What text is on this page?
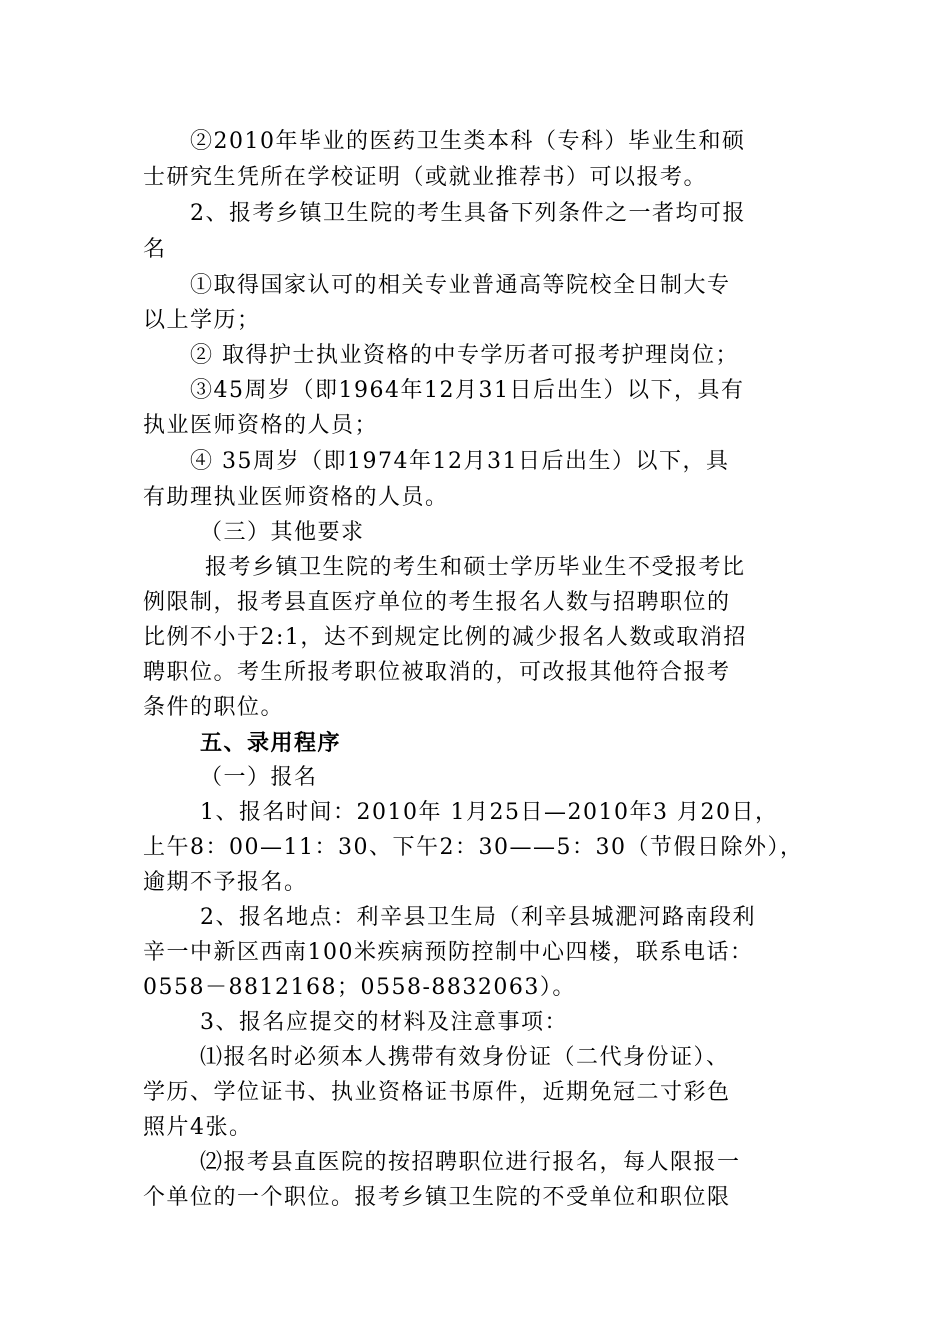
②2010年毕业的医药卫生类本科（专科）毕业生和硕
士研究生凭所在学校证明（或就业推荐书）可以报考。
2、报考乡镇卫生院的考生具备下列条件之一者均可报
名
①取得国家认可的相关专业普通高等院校全日制大专
以上学历；
② 取得护士执业资格的中专学历者可报考护理岗位；
③45周岁（即1964年12月31日后出生）以下，具有
执业医师资格的人员；
④ 35周岁（即1974年12月31日后出生）以下，具
有助理执业医师资格的人员。
（三）其他要求
报考乡镇卫生院的考生和硕士学历毕业生不受报考比
例限制，报考县直医疗单位的考生报名人数与招聘职位的
比例不小于2:1，达不到规定比例的减少报名人数或取消招
聘职位。考生所报考职位被取消的，可改报其他符合报考
条件的职位。
五、录用程序
（一）报名
1、报名时间：2010年 1月25日—2010年3 月20日，
上午8：00—11：30、下午2：30——5：30（节假日除外），
逾期不予报名。
2、报名地点：利辛县卫生局（利辛县城淝河路南段利
辛一中新区西南100米疾病预防控制中心四楼，联系电话：
0558－8812168；0558-8832063）。
3、报名应提交的材料及注意事项：
⑴报名时必须本人携带有效身份证（二代身份证）、
学历、学位证书、执业资格证书原件，近期免冠二寸彩色
照片4张。
⑵报考县直医院的按招聘职位进行报名，每人限报一
个单位的一个职位。报考乡镇卫生院的不受单位和职位限
